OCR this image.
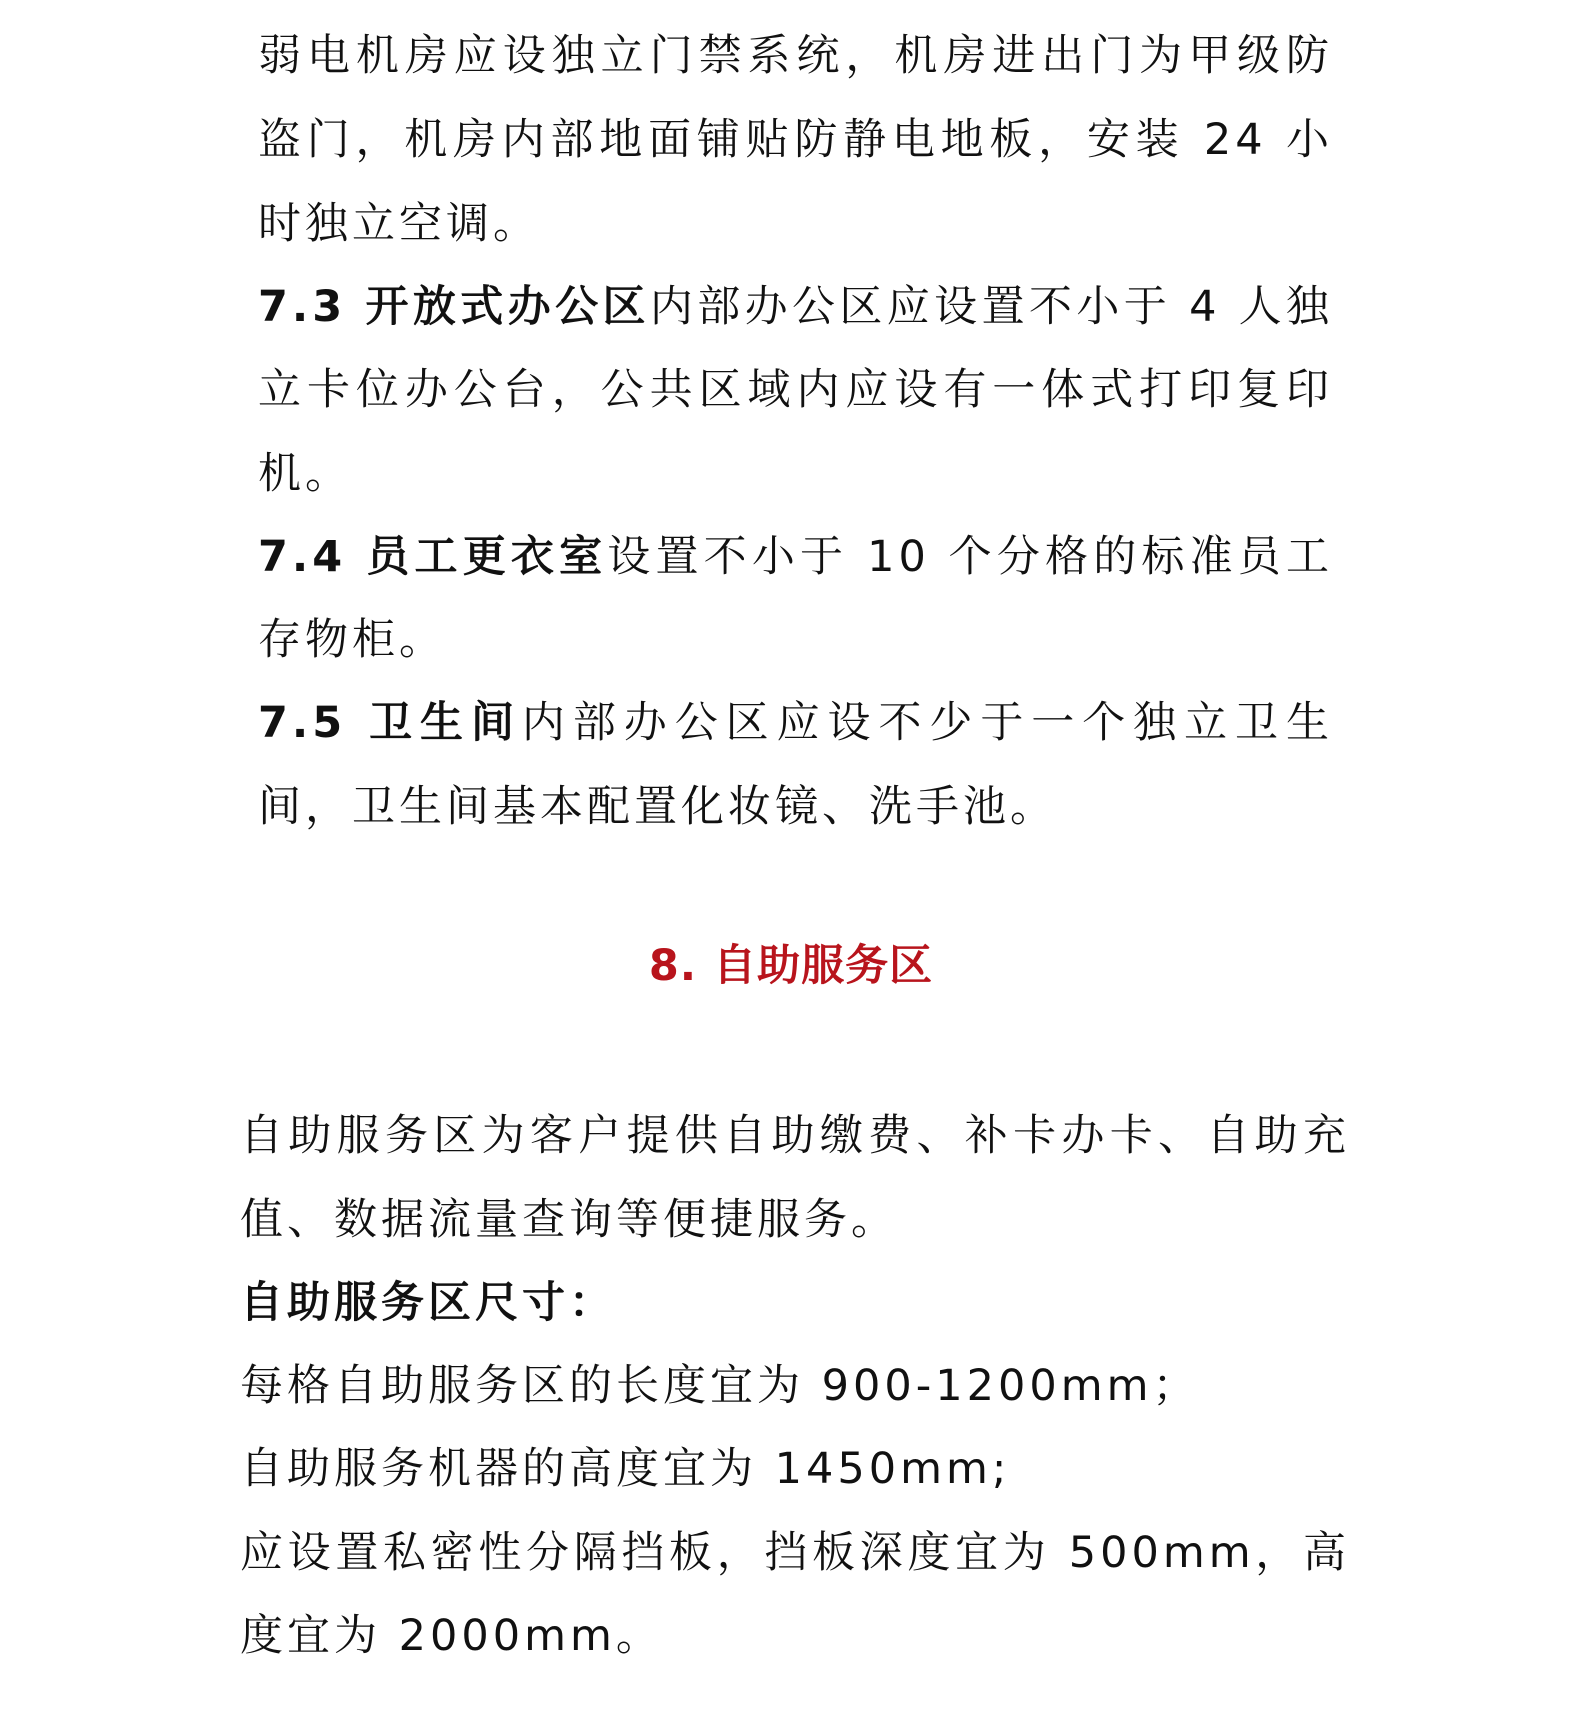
弱电机房应设独立门禁系统，机房进出门为甲级防
盗门，机房内部地面铺贴防静电地板，安装 24 小
时独立空调。
7.3 开放式办公区内部办公区应设置不小于 4 人独
立卡位办公台，公共区域内应设有一体式打印复印
机。
7.4 员工更衣室设置不小于 10 个分格的标准员工
存物柜。
7.5 卫生间内部办公区应设不少于一个独立卫生
间，卫生间基本配置化妆镜、洗手池。
8. 自助服务区
自助服务区为客户提供自助缴费、补卡办卡、自助充
值、数据流量查询等便捷服务。
自助服务区尺寸：
每格自助服务区的长度宜为 900-1200mm；
自助服务机器的高度宜为 1450mm;
应设置私密性分隔挡板，挡板深度宜为 500mm，高
度宜为 2000mm。
